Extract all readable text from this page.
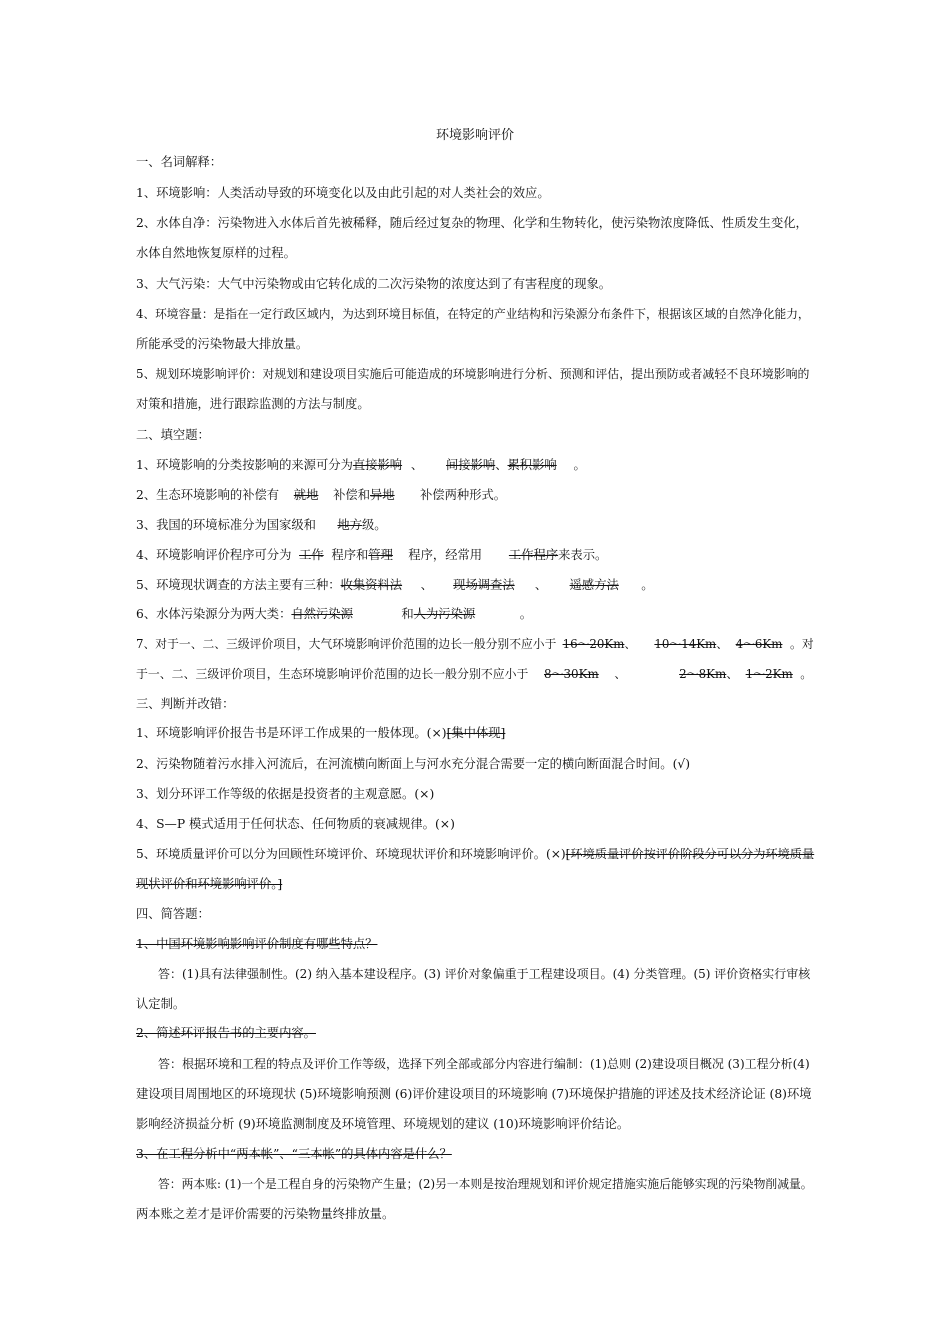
环境影响评价
一、名词解释：
1、环境影响：人类活动导致的环境变化以及由此引起的对人类社会的效应。
2、水体自净：污染物进入水体后首先被稀释，随后经过复杂的物理、化学和生物转化，使污染物浓度降低、性质发生变化，
水体自然地恢复原样的过程。
3、大气污染：大气中污染物或由它转化成的二次污染物的浓度达到了有害程度的现象。
4、环境容量：是指在一定行政区域内，为达到环境目标值，在特定的产业结构和污染源分布条件下，根据该区域的自然净化能力，
所能承受的污染物最大排放量。
5、规划环境影响评价：对规划和建设项目实施后可能造成的环境影响进行分析、预测和评估，提出预防或者减轻不良环境影响的
对策和措施，进行跟踪监测的方法与制度。
二、填空题：
1、环境影响的分类按影响的来源可分为直接影响 、 间接影响、累积影响 。
2、生态环境影响的补偿有 就地 补偿和异地 补偿两种形式。
3、我国的环境标准分为国家级和 地方级。
4、环境影响评价程序可分为 工作 程序和管理 程序，经常用 工作程序来表示。
5、环境现状调查的方法主要有三种：收集资料法 、 现场调查法 、 遥感方法 。
6、水体污染源分为两大类：自然污染源	和人为污染源	。
7、对于一、二、三级评价项目，大气环境影响评价范围的边长一般分别不应小于 16～20Km、 10～14Km、 4～6Km 。对
于一、二、三级评价项目，生态环境影响评价范围的边长一般分别不应小于 8～30Km 、	2～8Km、 1～2Km 。
三、判断并改错：
1、环境影响评价报告书是环评工作成果的一般体现。(×)[集中体现]
2、污染物随着污水排入河流后，在河流横向断面上与河水充分混合需要一定的横向断面混合时间。(√)
3、划分环评工作等级的依据是投资者的主观意愿。(×)
4、S—P 模式适用于任何状态、任何物质的衰减规律。(×)
5、环境质量评价可以分为回顾性环境评价、环境现状评价和环境影响评价。(×)[环境质量评价按评价阶段分可以分为环境质量
现状评价和环境影响评价。]
四、简答题：
1、中国环境影响影响评价制度有哪些特点？
答：(1)具有法律强制性。(2) 纳入基本建设程序。(3) 评价对象偏重于工程建设项目。(4) 分类管理。(5) 评价资格实行审核
认定制。
2、简述环评报告书的主要内容。
答：根据环境和工程的特点及评价工作等级，选择下列全部或部分内容进行编制：(1)总则 (2)建设项目概况 (3)工程分析(4)
建设项目周围地区的环境现状 (5)环境影响预测 (6)评价建设项目的环境影响 (7)环境保护措施的评述及技术经济论证 (8)环境
影响经济损益分析 (9)环境监测制度及环境管理、环境规划的建议 (10)环境影响评价结论。
3、在工程分析中“两本帐”、“三本帐”的具体内容是什么？
答：两本账: (1)一个是工程自身的污染物产生量；(2)另一本则是按治理规划和评价规定措施实施后能够实现的污染物削减量。
两本账之差才是评价需要的污染物量终排放量。
